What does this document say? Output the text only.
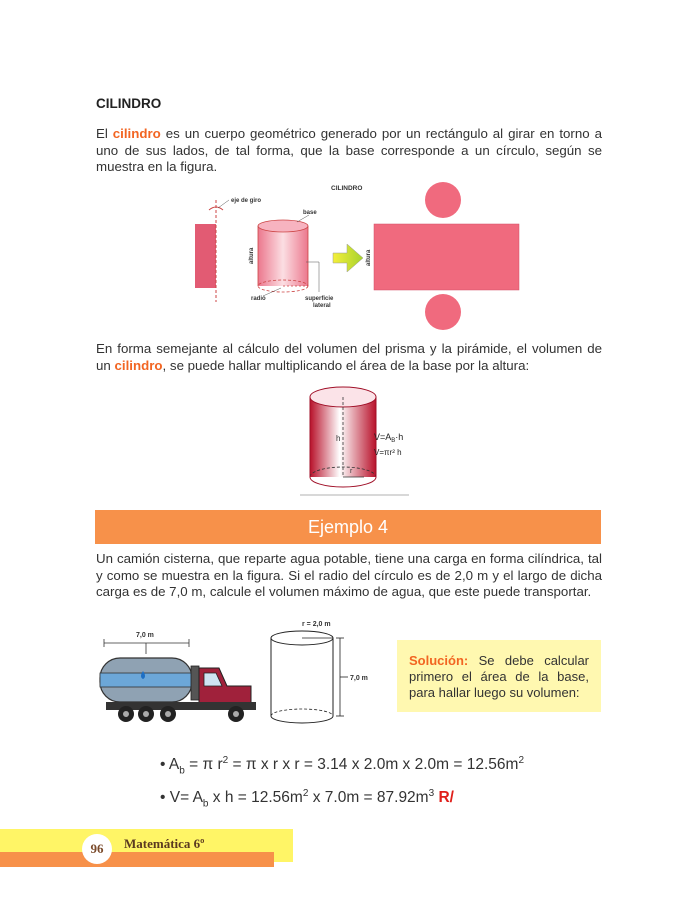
CILINDRO
El cilindro es un cuerpo geométrico generado por un rectángulo al girar en torno a uno de sus lados, de tal forma, que la base corresponde a un círculo, según se muestra en la figura.
CILINDRO
eje de giro
base
altura
radio	superficie
lateral
altura
En forma semejante al cálculo del volumen del prisma y la pirámide, el volumen de un cilindro, se puede hallar multiplicando el área de la base por la altura:
h
r
$V=A_B\cdot h$
V=πr² h
Ejemplo 4
Un camión cisterna, que reparte agua potable, tiene una carga en forma cilíndrica, tal y como se muestra en la figura. Si el radio del círculo es de 2,0 m y el largo de dicha carga es de 7,0 m, calcule el volumen máximo de agua, que este puede transportar.
7,0 m
r = 2,0 m
7,0 m
Solución: Se debe calcular primero el área de la base, para hallar luego su volumen:
• $A_b = \pi$ $r^2 = \pi$ x r x r = 3.14 x 2.0m x $2.0m = 12.56m^2$
• $V= A_b$ x $h = 12.56m^2$ x $7.0m = 87.92m^3$ R/
96	Matemática 6º
